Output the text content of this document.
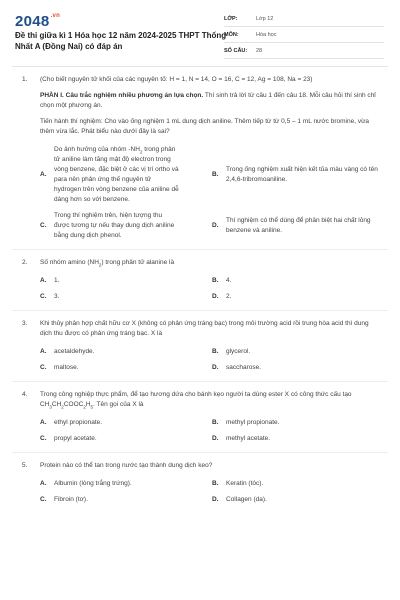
$2048^{.vn}$
Đề thi giữa kì 1 Hóa học 12 năm 2024-2025 THPT Thống Nhất A (Đồng Nai) có đáp án
LỚP:	Lớp 12
MÔN:	Hóa học
SỐ CÂU:	28
1. (Cho biết nguyên tử khối của các nguyên tố: H = 1, N = 14, O = 16, C = 12, Ag = 108, Na = 23)
PHẦN I. Câu trắc nghiệm nhiều phương án lựa chọn. Thí sinh trả lời từ câu 1 đến câu 18. Mỗi câu hỏi thí sinh chỉ chọn một phương án.
Tiến hành thí nghiệm: Cho vào ống nghiệm 1 mL dung dịch aniline. Thêm tiếp từ từ 0,5 – 1 mL nước bromine, vừa thêm vừa lắc. Phát biểu nào dưới đây là sai?
A.
Do ảnh hưởng của nhóm $-NH_2$ trong phân tử aniline làm tăng mật độ electron trong vòng benzene, đặc biệt ở các vị trí ortho và para nên phản ứng thế nguyên tử hydrogen trên vòng benzene của aniline dễ dàng hơn so với benzene.
B.
Trong ống nghiệm xuất hiện kết tủa màu vàng có tên 2,4,6-tribromoaniline.
C.
Trong thí nghiệm trên, hiện tượng thu được tương tự nếu thay dung dịch aniline bằng dung dịch phenol.
D.
Thí nghiệm có thể dùng để phân biệt hai chất lỏng benzene và aniline.
2. Số nhóm amino $(NH_2)$ trong phân tử alanine là
A.	1.	B.	4.
C.	3.	D.	2.
3. Khi thủy phân hợp chất hữu cơ X (không có phản ứng tráng bạc) trong môi trường acid rồi trung hòa acid thì dung dịch thu được có phản ứng tráng bạc. X là
A.	acetaldehyde.	B.	glycerol.
C.	maltose.	D.	saccharose.
4. Trong công nghiệp thực phẩm, để tạo hương dứa cho bánh kẹo người ta dùng ester X có công thức cấu tạo $CH_3CH_2COOC_2H_5$. Tên gọi của X là
A.	ethyl propionate.	B.	methyl propionate.
C.	propyl acetate.	D.	methyl acetate.
5. Protein nào có thể tan trong nước tạo thành dung dịch keo?
A.	Albumin (lòng trắng trứng).	B.	Keratin (tóc).
C.	Fibroin (tơ).	D.	Collagen (da).
